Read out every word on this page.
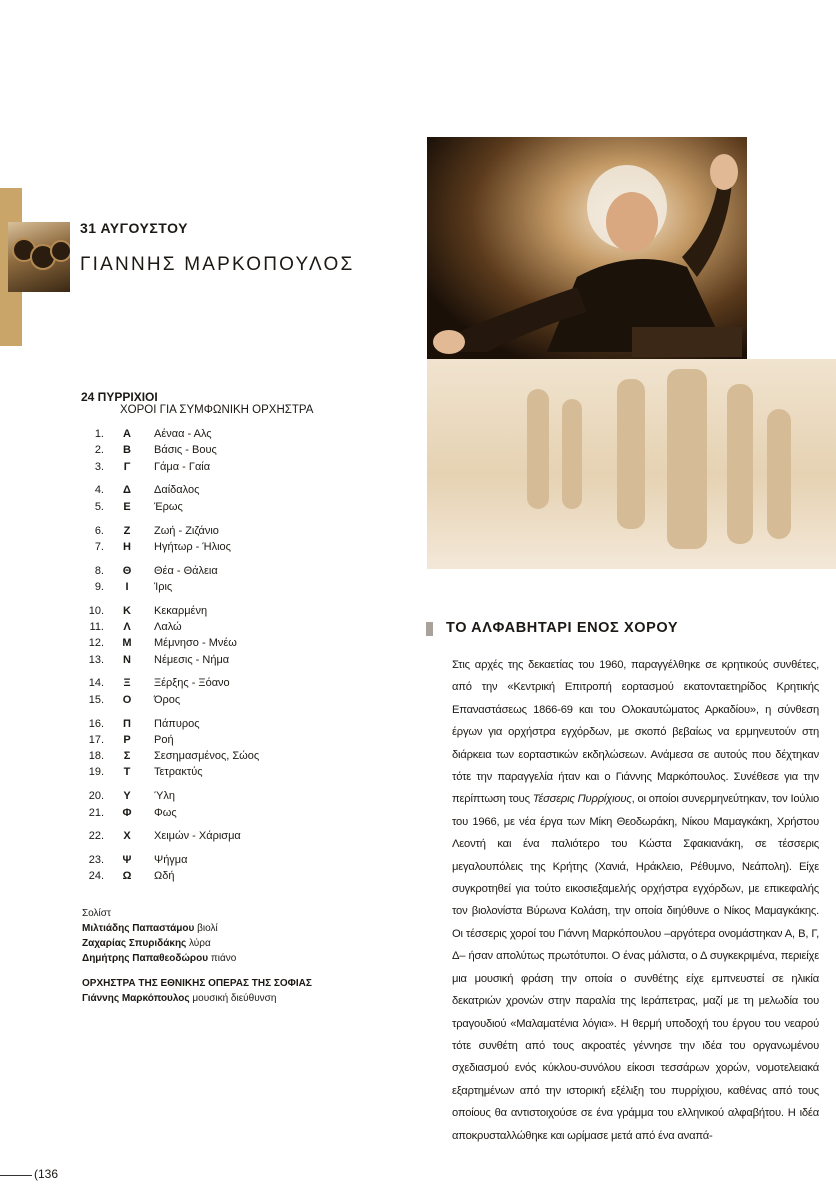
31 ΑΥΓΟΥΣΤΟΥ
ΓΙΑΝΝΗΣ ΜΑΡΚΟΠΟΥΛΟΣ
24 ΠΥΡΡΙΧΙΟΙ
ΧΟΡΟΙ ΓΙΑ ΣΥΜΦΩΝΙΚΗ ΟΡΧΗΣΤΡΑ
1. Α Αέναα - Αλς
2. Β Βάσις - Βους
3.	Γ	Γάμα - Γαία
4. Δ Δαίδαλος
5.	Ε	Έρως
6.	Ζ	Ζωή - Ζιζάνιο
7. Η Ηγήτωρ - Ήλιος
8. Θ Θέα - Θάλεια
9.	Ι	Ίρις
10. Κ Κεκαρμένη
11.	Λ	Λαλώ
12. Μ Μέμνησο - Μνέω
13. Ν Νέμεσις - Νήμα
14.	Ξ	Ξέρξης - Ξόανο
15. Ο Όρος
16. Π Πάπυρος
17.	Ρ	Ροή
18.	Σ	Σεσημασμένος, Σώος
19.	Τ	Τετρακτύς
20.	Υ	Ύλη
21. Φ Φως
22.	Χ	Χειμών - Χάρισμα
23. Ψ Ψήγμα
24. Ω Ωδή
Σολίστ
Μιλτιάδης Παπαστάμου βιολί
Ζαχαρίας Σπυριδάκης λύρα
Δημήτρης Παπαθεοδώρου πιάνο
ΟΡΧΗΣΤΡΑ ΤΗΣ ΕΘΝΙΚΗΣ ΟΠΕΡΑΣ ΤΗΣ ΣΟΦΙΑΣ
Γιάννης Μαρκόπουλος μουσική διεύθυνση
ΤΟ ΑΛΦΑΒΗΤΑΡΙ ΕΝΟΣ ΧΟΡΟΥ
Στις αρχές της δεκαετίας του 1960, παραγγέλθηκε σε κρητικούς συνθέτες, από την «Κεντρική Επιτροπή εορτασμού εκατονταετηρίδος Κρητικής Επαναστάσεως 1866-69 και του Ολοκαυτώματος Αρκαδίου», η σύνθεση έργων για ορχήστρα εγχόρδων, με σκοπό βεβαίως να ερμηνευτούν στη διάρκεια των εορταστικών εκδηλώσεων. Ανάμεσα σε αυτούς που δέχτηκαν τότε την παραγγελία ήταν και ο Γιάννης Μαρκόπουλος. Συνέθεσε για την περίπτωση τους Τέσσερις Πυρρίχιους, οι οποίοι συνερμηνεύτηκαν, τον Ιούλιο του 1966, με νέα έργα των Μίκη Θεοδωράκη, Νίκου Μαμαγκάκη, Χρήστου Λεοντή και ένα παλιότερο του Κώστα Σφακιανάκη, σε τέσσερις μεγαλουπόλεις της Κρήτης (Χανιά, Ηράκλειο, Ρέθυμνο, Νεάπολη). Είχε συγκροτηθεί για τούτο εικοσιεξαμελής ορχήστρα εγχόρδων, με επικεφαλής τον βιολονίστα Βύρωνα Κολάση, την οποία διηύθυνε ο Νίκος Μαμαγκάκης. Οι τέσσερις χοροί του Γιάννη Μαρκόπουλου –αργότερα ονομάστηκαν Α, Β, Γ, Δ– ήσαν απολύτως πρωτότυποι. Ο ένας μάλιστα, ο Δ συγκεκριμένα, περιείχε μια μουσική φράση την οποία ο συνθέτης είχε εμπνευστεί σε ηλικία δεκατριών χρονών στην παραλία της Ιεράπετρας, μαζί με τη μελωδία του τραγουδιού «Μαλαματένια λόγια». Η θερμή υποδοχή του έργου του νεαρού τότε συνθέτη από τους ακροατές γέννησε την ιδέα του οργανωμένου σχεδιασμού ενός κύκλου-συνόλου είκοσι τεσσάρων χορών, νομοτελειακά εξαρτημένων από την ιστορική εξέλιξη του πυρρίχιου, καθένας από τους οποίους θα αντιστοιχούσε σε ένα γράμμα του ελληνικού αλφαβήτου. Η ιδέα αποκρυσταλλώθηκε και ωρίμασε μετά από ένα αναπά-
(136
